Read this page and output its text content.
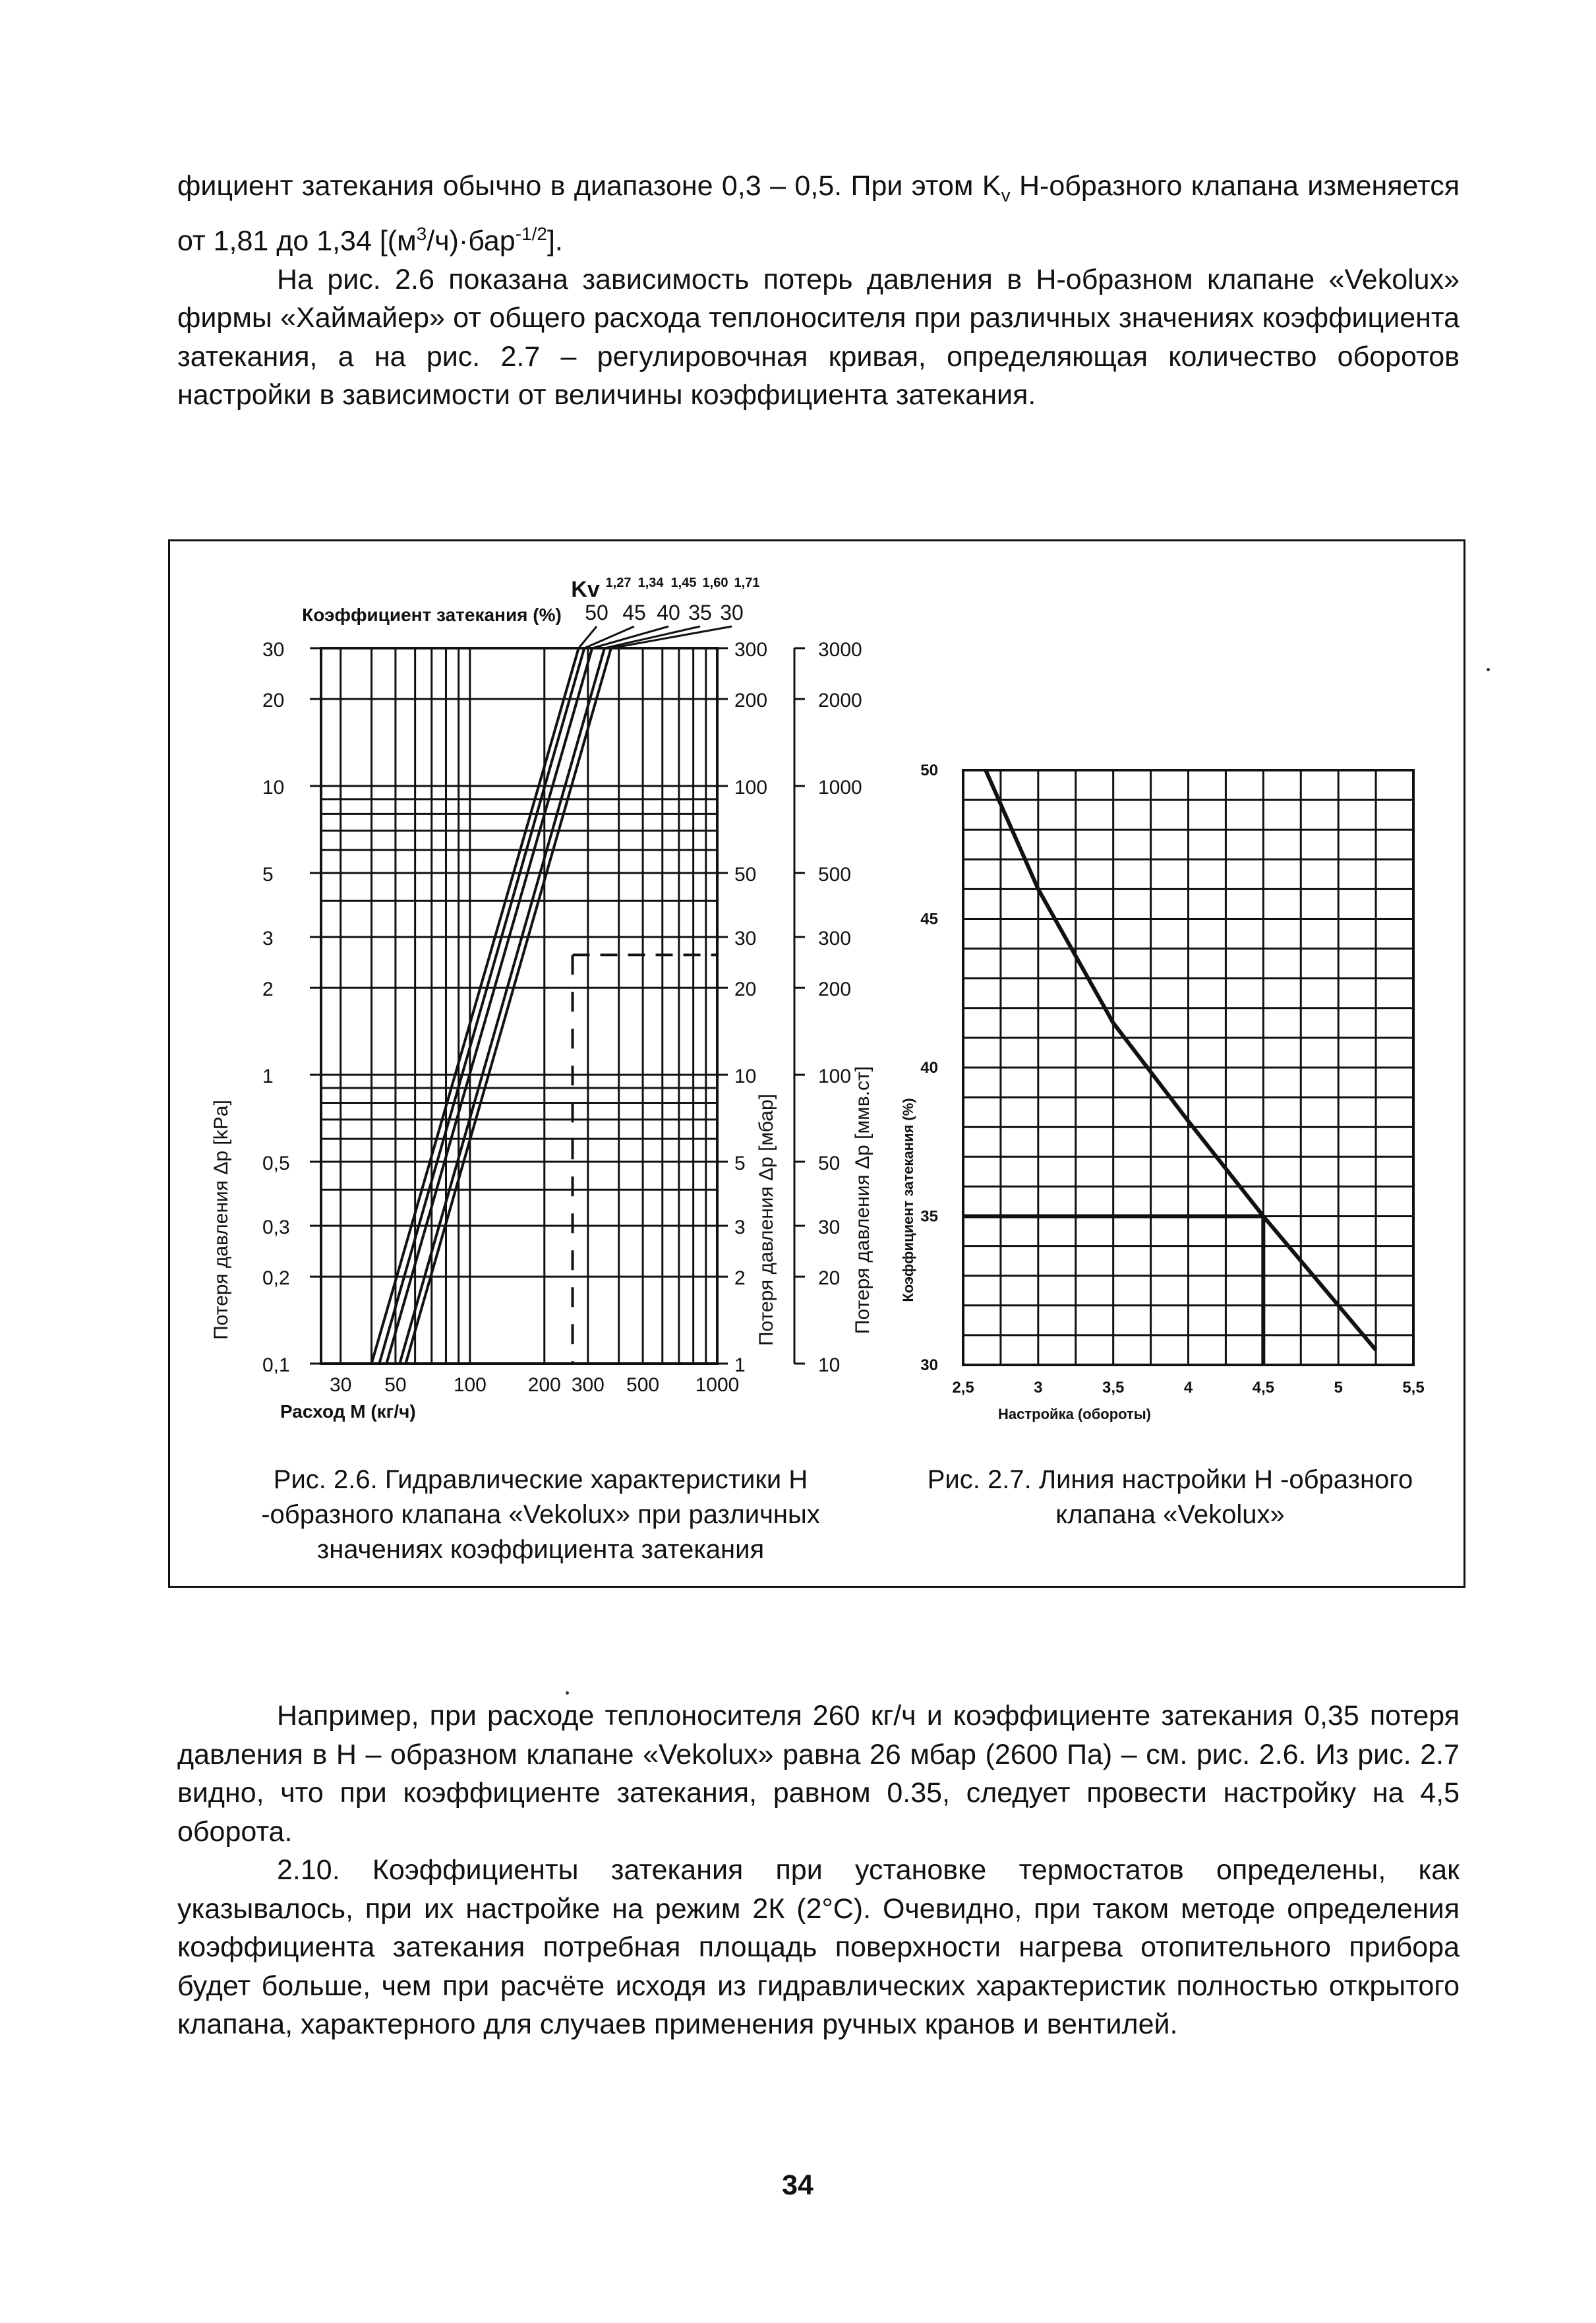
фициент затекания обычно в диапазоне 0,3 – 0,5. При этом $K_v$ Н-образного клапана изменяется от 1,81 до 1,34 $[(м^3/ч)\cdot бар^{-1/2}]$.

На рис. 2.6 показана зависимость потерь давления в Н-образном клапане «Vekolux» фирмы «Хаймайер» от общего расхода теплоносителя при различных значениях коэффициента затекания, а на рис. 2.7 – регулировочная кривая, определяющая количество оборотов настройки в зависимости от величины коэффициента затекания.

0,1
0,2
0,3
0,5
1
2
3
5
10
20
30
1
2
3
5
10
20
30
50
100
200
300
10
20
30
50
100
200
300
500
1000
2000
3000
30 50 100 200 300 500 1000
Расход М (кг/ч)
Потеря давления Δp [kPa]	Потеря давления Δp [мбар]	Потеря давления Δp [ммв.ст]
Kv
Коэффициент затекания (%)
1,27
50
1,34
45
1,45
40
1,60
35
1,71
30
30
35
40
45
50
2,5	3	3,5	4	4,5	5	5,5
Настройка (обороты)
Коэффициент затекания (%)
Рис. 2.6. Гидравлические характеристики Н -образного клапана «Vekolux» при различных значениях коэффициента затекания
Рис. 2.7. Линия настройки Н -образного клапана «Vekolux»

Например, при расходе теплоносителя 260 кг/ч и коэффициенте затекания 0,35 потеря давления в Н – образном клапане «Vekolux» равна 26 мбар (2600 Па) – см. рис. 2.6. Из рис. 2.7 видно, что при коэффициенте затекания, равном 0.35, следует провести настройку на 4,5 оборота.

2.10. Коэффициенты затекания при установке термостатов определены, как указывалось, при их настройке на режим 2К (2°С). Очевидно, при таком методе определения коэффициента затекания потребная площадь поверхности нагрева отопительного прибора будет больше, чем при расчёте исходя из гидравлических характеристик полностью открытого клапана, характерного для случаев применения ручных кранов и вентилей.

34
